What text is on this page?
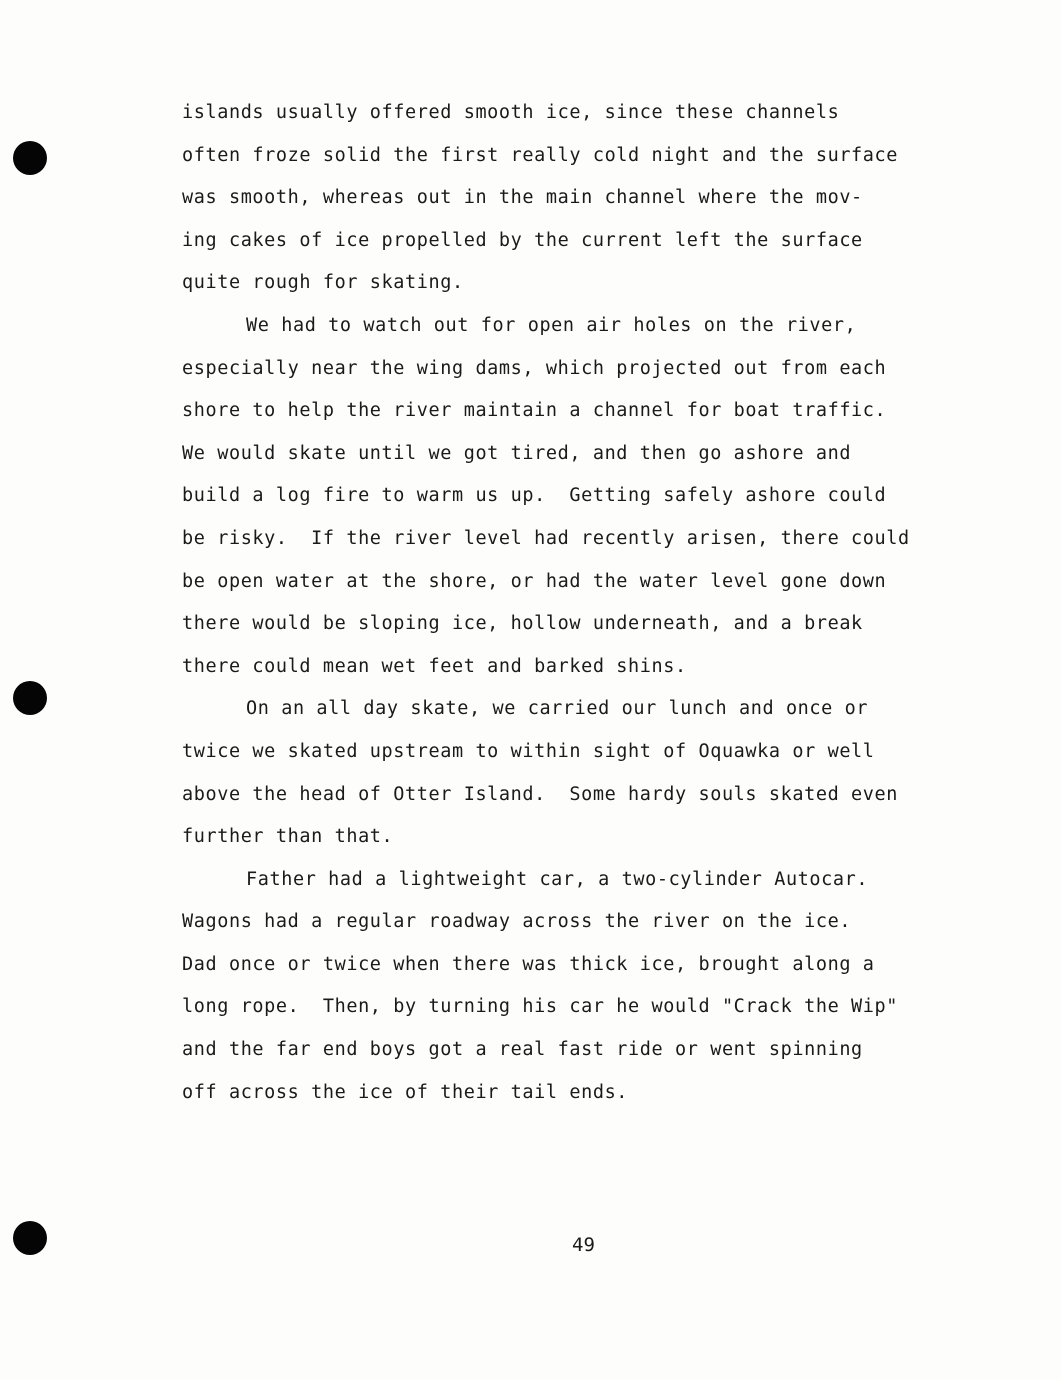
islands usually offered smooth ice, since these channels
often froze solid the first really cold night and the surface
was smooth, whereas out in the main channel where the mov-
ing cakes of ice propelled by the current left the surface
quite rough for skating.
We had to watch out for open air holes on the river,
especially near the wing dams, which projected out from each
shore to help the river maintain a channel for boat traffic.
We would skate until we got tired, and then go ashore and
build a log fire to warm us up.  Getting safely ashore could
be risky.  If the river level had recently arisen, there could
be open water at the shore, or had the water level gone down
there would be sloping ice, hollow underneath, and a break
there could mean wet feet and barked shins.
On an all day skate, we carried our lunch and once or
twice we skated upstream to within sight of Oquawka or well
above the head of Otter Island.  Some hardy souls skated even
further than that.
Father had a lightweight car, a two-cylinder Autocar.
Wagons had a regular roadway across the river on the ice.
Dad once or twice when there was thick ice, brought along a
long rope.  Then, by turning his car he would "Crack the Wip"
and the far end boys got a real fast ride or went spinning
off across the ice of their tail ends.
49
